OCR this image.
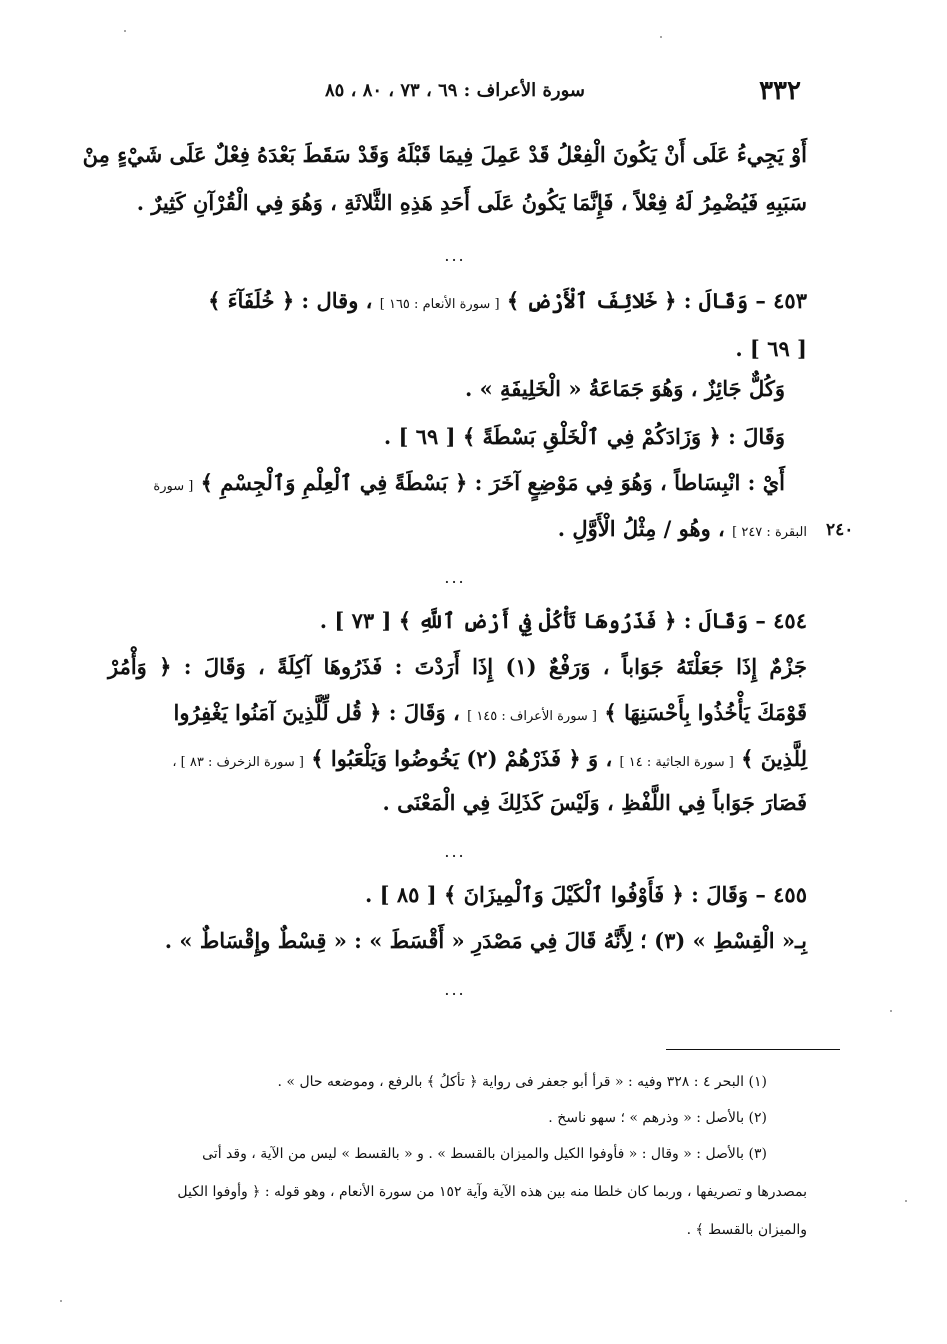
٣٣٢
سورة الأعراف : ٦٩ ، ٧٣ ، ٨٠ ، ٨٥
أَوْ يَجِيءُ عَلَى أَنْ يَكُونَ الْفِعْلُ قَدْ عَمِلَ فِيمَا قَبْلَهُ وَقَدْ سَقَطَ بَعْدَهُ فِعْلٌ عَلَى شَيْءٍ مِنْ
سَبَبِهِ فَيُضْمِرُ لَهُ فِعْلاً ، فَإِنَّمَا يَكُونُ عَلَى أَحَدِ هَذِهِ الثَّلاثَةِ ، وَهُوَ فِي الْقُرْآنِ كَثِيرٌ .
...
٤٥٣ – وَقَالَ : ﴿ خَلائِفَ ٱلْأَرْضِ ﴾ [ سورة الأنعام : ١٦٥ ] ، وقال : ﴿ خُلَفَآءَ ﴾
[ ٦٩ ] .
وَكُلٌّ جَائِزٌ ، وَهُوَ جَمَاعَةُ « الْخَلِيفَةِ » .
وَقَالَ : ﴿ وَزَادَكُمْ فِي ٱلْخَلْقِ بَسْطَةً ﴾ [ ٦٩ ] .
أَيْ : انْبِسَاطاً ، وَهُوَ فِي مَوْضِعٍ آخَرَ : ﴿ بَسْطَةً فِي ٱلْعِلْمِ وَٱلْجِسْمِ ﴾ [ سورة
البقرة : ٢٤٧ ] ، وهُو / مِثْلُ الْأَوَّلِ .	٢٤٠
...
٤٥٤ – وَقَالَ : ﴿ فَذَرُوهَا تَأْكُلْ فِي أَرْضِ ٱللَّهِ ﴾ [ ٧٣ ] .
جَزْمٌ إِذَا جَعَلْتَهُ جَوَاباً ، وَرَفْعٌ (١) إِذَا أَرَدْتَ : فَذَرُوهَا آكِلَةً ، وَقَالَ : ﴿ وَأْمُرْ
قَوْمَكَ يَأْخُذُوا بِأَحْسَنِهَا ﴾ [ سورة الأعراف : ١٤٥ ] ، وَقَالَ : ﴿ قُل لِّلَّذِينَ آمَنُوا يَغْفِرُوا
لِلَّذِينَ ﴾ [ سورة الجاثية : ١٤ ] ، وَ ﴿ فَذَرْهُمْ (٢) يَخُوضُوا وَيَلْعَبُوا ﴾ [ سورة الزخرف : ٨٣ ] ،
فَصَارَ جَوَاباً فِي اللَّفْظِ ، وَلَيْسَ كَذَلِكَ فِي الْمَعْنَى .
...
٤٥٥ – وَقَالَ : ﴿ فَأَوْفُوا ٱلْكَيْلَ وَٱلْمِيزَانَ ﴾ [ ٨٥ ] .
بِـ« الْقِسْطِ » (٣) ؛ لِأَنَّهُ قَالَ فِي مَصْدَرِ « أَقْسَطَ » : « قِسْطٌ وإِقْسَاطٌ » .
...
(١) البحر ٤ : ٣٢٨ وفيه : « قرأ أبو جعفر فى رواية ﴿ تأكلُ ﴾ بالرفع ، وموضعه حال » .
(٢) بالأصل : « وذرهم » ؛ سهو ناسخ .
(٣) بالأصل : « وقال : « فأوفوا الكيل والميزان بالقسط » . و « بالقسط » ليس من الآية ، وقد أتى
بمصدرها و تصريفها ، وربما كان خلطا منه بين هذه الآية وآية ١٥٢ من سورة الأنعام ، وهو قوله : ﴿ وأوفوا الكيل
والميزان بالقسط ﴾ .
